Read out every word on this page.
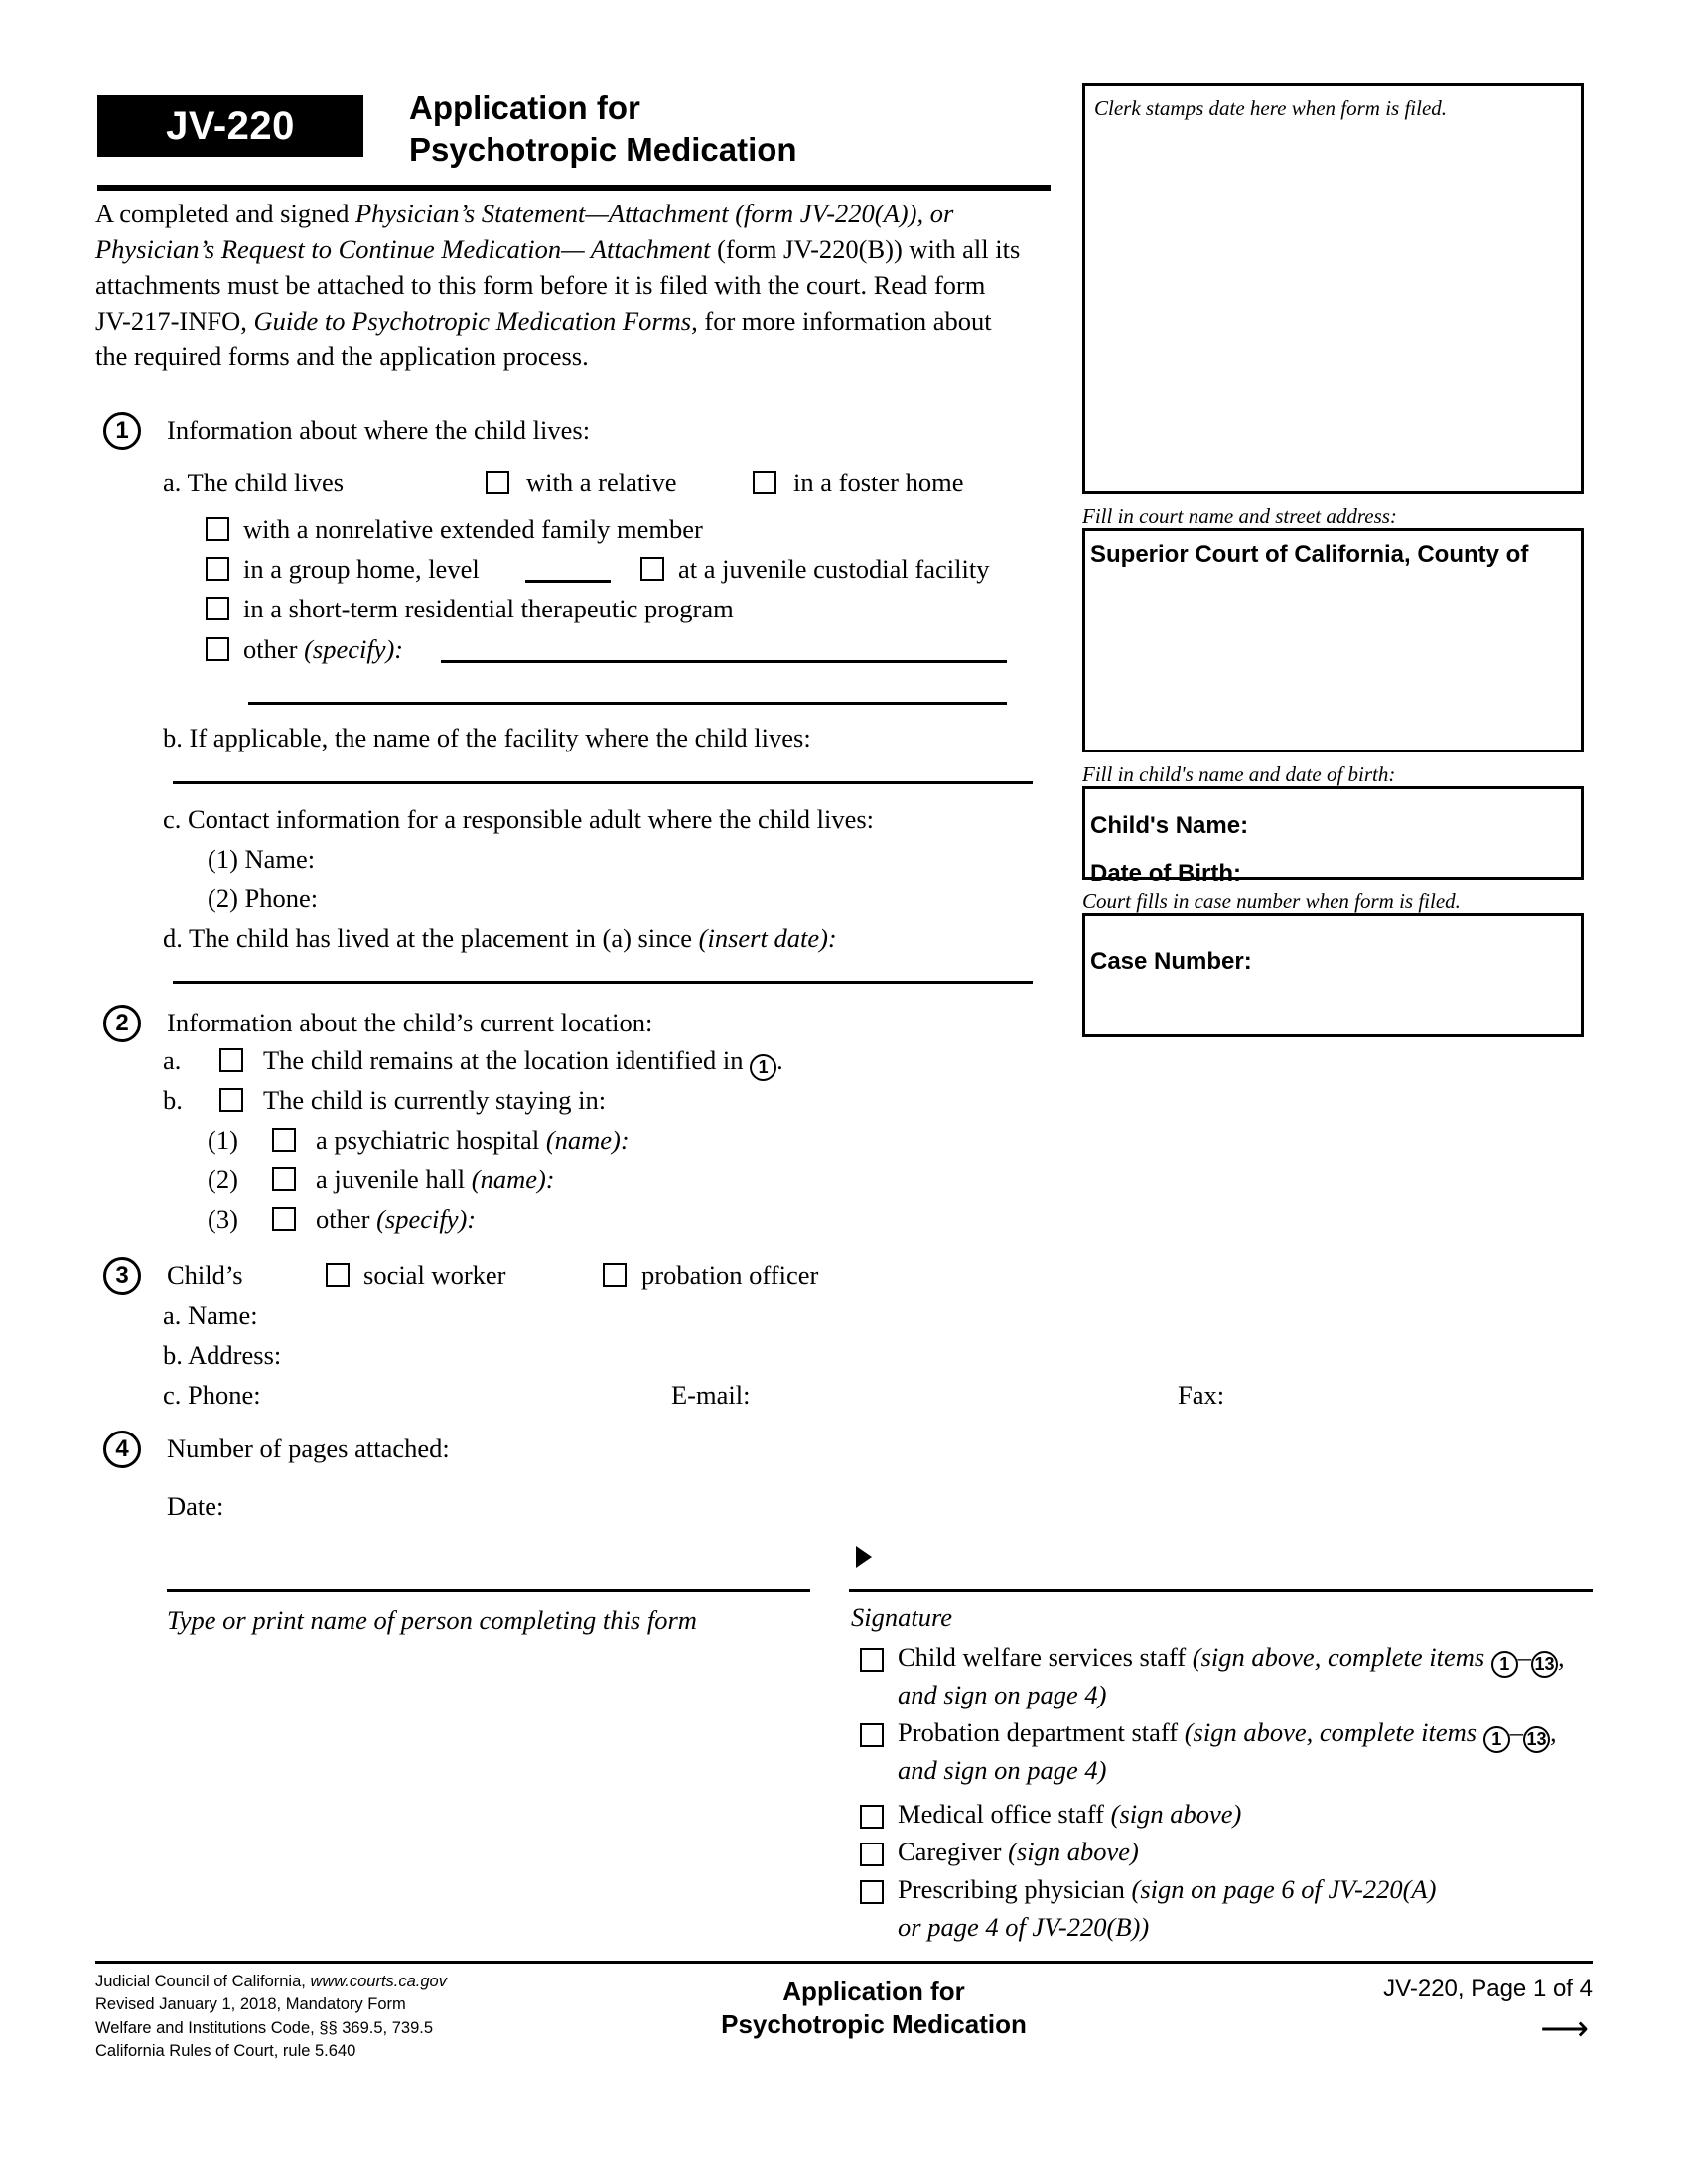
JV-220	Application for
Psychotropic Medication
A completed and signed Physician’s Statement—Attachment (form JV-220(A)), or Physician’s Request to Continue Medication— Attachment (form JV-220(B)) with all its attachments must be attached to this form before it is filed with the court. Read form JV-217-INFO, Guide to Psychotropic Medication Forms, for more information about the required forms and the application process.
Clerk stamps date here when form is filed.
Fill in court name and street address:
Superior Court of California, County of
Fill in child's name and date of birth:
Child's Name:
Date of Birth:
Court fills in case number when form is filed.
Case Number:
1	Information about where the child lives:
a. The child lives	with a relative	in a foster home
with a nonrelative extended family member
in a group home, level	at a juvenile custodial facility
in a short-term residential therapeutic program
other (specify):
b. If applicable, the name of the facility where the child lives:
c. Contact information for a responsible adult where the child lives:
(1) Name:
(2) Phone:
d. The child has lived at the placement in (a) since (insert date):
2	Information about the child’s current location:
a.	The child remains at the location identified in 1 .
b.	The child is currently staying in:
(1)	a psychiatric hospital (name):
(2)	a juvenile hall (name):
(3)	other (specify):
3	Child’s	social worker	probation officer
a. Name:
b. Address:
c. Phone:	E-mail:	Fax:
4	Number of pages attached:
Date:
Type or print name of person completing this form	Signature
Child welfare services staff (sign above, complete items 1 – 13 , and sign on page 4)
Probation department staff (sign above, complete items 1 – 13 , and sign on page 4)
Medical office staff (sign above)
Caregiver (sign above)
Prescribing physician (sign on page 6 of JV-220(A)
or page 4 of JV-220(B))
Judicial Council of California, www.courts.ca.gov
Revised January 1, 2018, Mandatory Form
Welfare and Institutions Code, §§ 369.5, 739.5
California Rules of Court, rule 5.640
Application for
Psychotropic Medication
JV-220, Page 1 of 4
⟶
